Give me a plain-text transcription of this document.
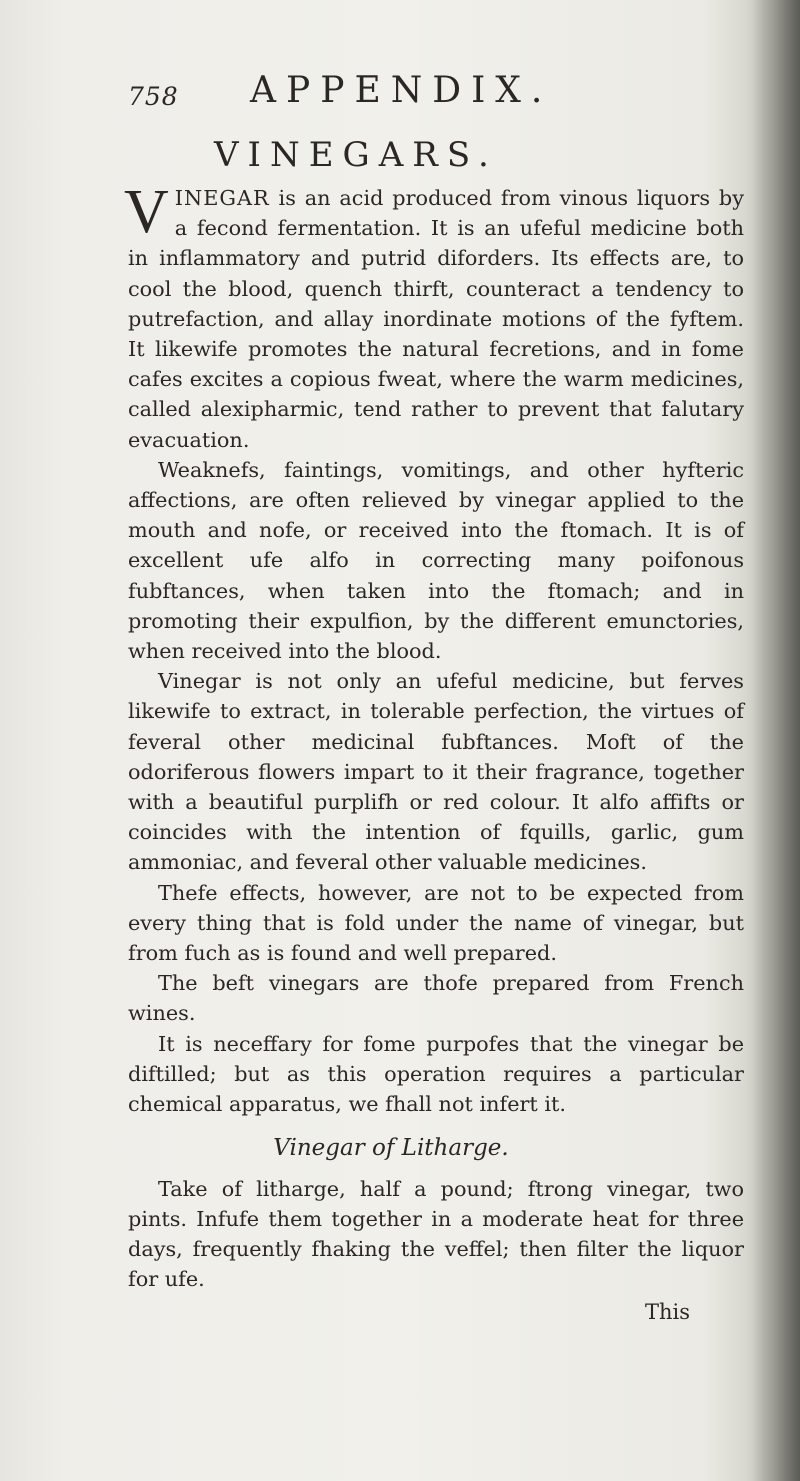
758 APPENDIX.
VINEGARS.

VINEGAR is an acid produced from vinous liquors by a fecond fermentation. It is an ufeful medicine both in inflammatory and putrid diforders. Its effects are, to cool the blood, quench thirft, counteract a tendency to putrefaction, and allay inordinate motions of the fyftem. It likewife promotes the natural fecretions, and in fome cafes excites a copious fweat, where the warm medicines, called alexipharmic, tend rather to prevent that falutary evacuation.

Weaknefs, faintings, vomitings, and other hyfteric affections, are often relieved by vinegar applied to the mouth and nofe, or received into the ftomach. It is of excellent ufe alfo in correcting many poifonous fubftances, when taken into the ftomach; and in promoting their expulfion, by the different emunctories, when received into the blood.

Vinegar is not only an ufeful medicine, but ferves likewife to extract, in tolerable perfection, the virtues of feveral other medicinal fubftances. Moft of the odoriferous flowers impart to it their fragrance, together with a beautiful purplifh or red colour. It alfo affifts or coincides with the intention of fquills, garlic, gum ammoniac, and feveral other valuable medicines.

Thefe effects, however, are not to be expected from every thing that is fold under the name of vinegar, but from fuch as is found and well prepared.

The beft vinegars are thofe prepared from French wines.

It is neceffary for fome purpofes that the vinegar be diftilled; but as this operation requires a particular chemical apparatus, we fhall not infert it.

Vinegar of Litharge.

Take of litharge, half a pound; ftrong vinegar, two pints. Infufe them together in a moderate heat for three days, frequently fhaking the veffel; then filter the liquor for ufe.

This
